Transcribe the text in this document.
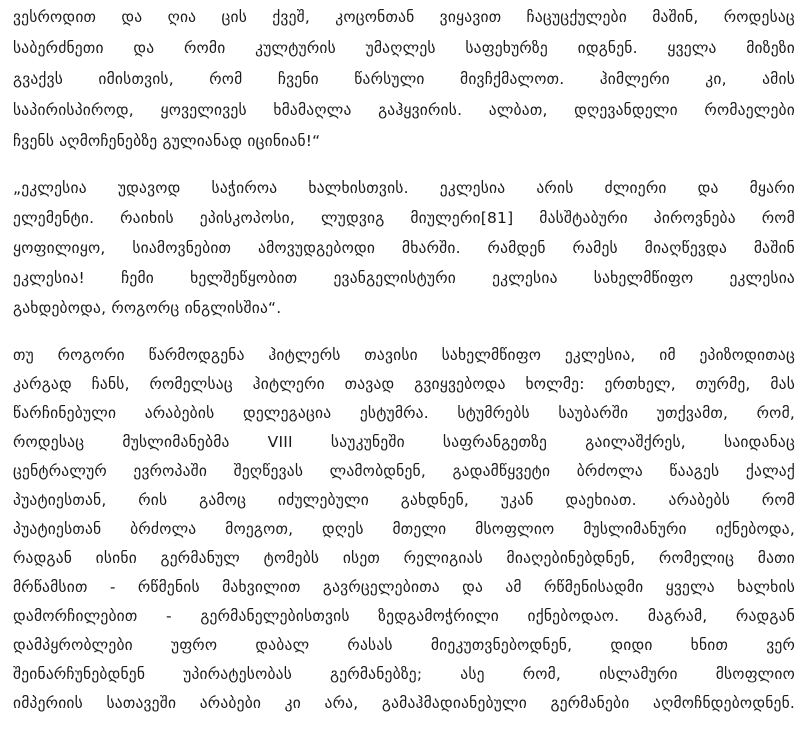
ვესროდით და ღია ცის ქვეშ, კოცონთან ვიყავით ჩაცუცქულები მაშინ, როდესაც
საბერძნეთი და რომი კულტურის უმაღლეს საფეხურზე იდგნენ. ყველა მიზეზი
გვაქვს იმისთვის, რომ ჩვენი წარსული მივჩქმალოთ. ჰიმლერი კი, ამის
საპირისპიროდ, ყოველივეს ხმამაღლა გაჰყვირის. ალბათ, დღევანდელი რომაელები
ჩვენს აღმოჩენებზე გულიანად იცინიან!“
„ეკლესია უდავოდ საჭიროა ხალხისთვის. ეკლესია არის ძლიერი და მყარი
ელემენტი. რაიხის ეპისკოპოსი, ლუდვიგ მიულერი[81] მასშტაბური პიროვნება რომ
ყოფილიყო, სიამოვნებით ამოვუდგებოდი მხარში. რამდენ რამეს მიაღწევდა მაშინ
ეკლესია! ჩემი ხელშეწყობით ევანგელისტური ეკლესია სახელმწიფო ეკლესია
გახდებოდა, როგორც ინგლისშია“.
თუ როგორი წარმოდგენა ჰიტლერს თავისი სახელმწიფო ეკლესია, იმ ეპიზოდითაც
კარგად ჩანს, რომელსაც ჰიტლერი თავად გვიყვებოდა ხოლმე: ერთხელ, თურმე, მას
წარჩინებული არაბების დელეგაცია ესტუმრა. სტუმრებს საუბარში უთქვამთ, რომ,
როდესაც მუსლიმანებმა VIII საუკუნეში საფრანგეთზე გაილაშქრეს, საიდანაც
ცენტრალურ ევროპაში შეღწევას ლამობდნენ, გადამწყვეტი ბრძოლა წააგეს ქალაქ
პუატიესთან, რის გამოც იძულებული გახდნენ, უკან დაეხიათ. არაბებს რომ
პუატიესთან ბრძოლა მოეგოთ, დღეს მთელი მსოფლიო მუსლიმანური იქნებოდა,
რადგან ისინი გერმანულ ტომებს ისეთ რელიგიას მიაღებინებდნენ, რომელიც მათი
მრწამსით - რწმენის მახვილით გავრცელებითა და ამ რწმენისადმი ყველა ხალხის
დამორჩილებით - გერმანელებისთვის ზედგამოჭრილი იქნებოდაო. მაგრამ, რადგან
დამპყრობლები უფრო დაბალ რასას მიეკუთვნებოდნენ, დიდი ხნით ვერ
შეინარჩუნებდნენ უპირატესობას გერმანებზე; ასე რომ, ისლამური მსოფლიო
იმპერიის სათავეში არაბები კი არა, გამაჰმადიანებული გერმანები აღმოჩნდებოდნენ.
